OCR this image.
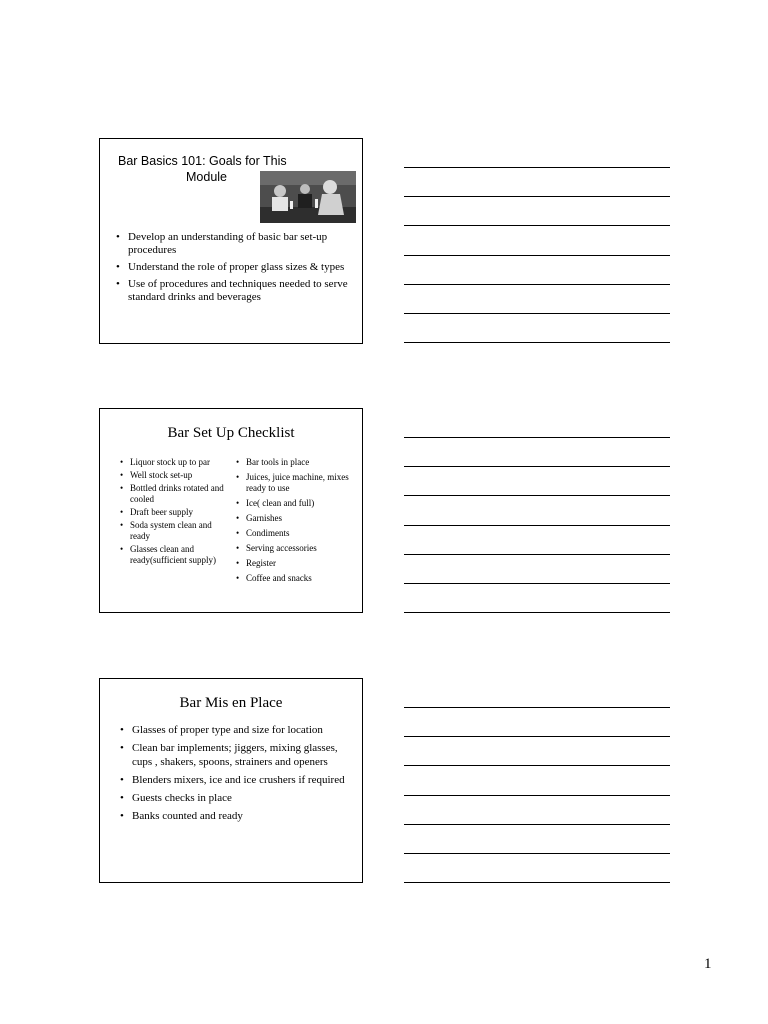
Bar Basics 101: Goals for This
Module
• Develop an understanding of basic bar set-up procedures
• Understand the role of proper glass sizes & types
• Use of procedures and techniques needed to serve standard drinks and beverages
Bar Set Up Checklist
• Liquor stock up to par
• Well stock set-up
• Bottled drinks rotated and cooled
• Draft beer supply
• Soda system clean and ready
• Glasses clean and ready(sufficient supply)
• Bar tools in place
• Juices, juice machine, mixes ready to use
• Ice( clean and full)
• Garnishes
• Condiments
• Serving accessories
• Register
• Coffee and snacks
Bar Mis en Place
• Glasses of proper type and size for location
• Clean bar implements; jiggers, mixing glasses, cups , shakers, spoons, strainers and openers
• Blenders mixers, ice and ice crushers if required
• Guests checks in place
• Banks counted and ready
1
